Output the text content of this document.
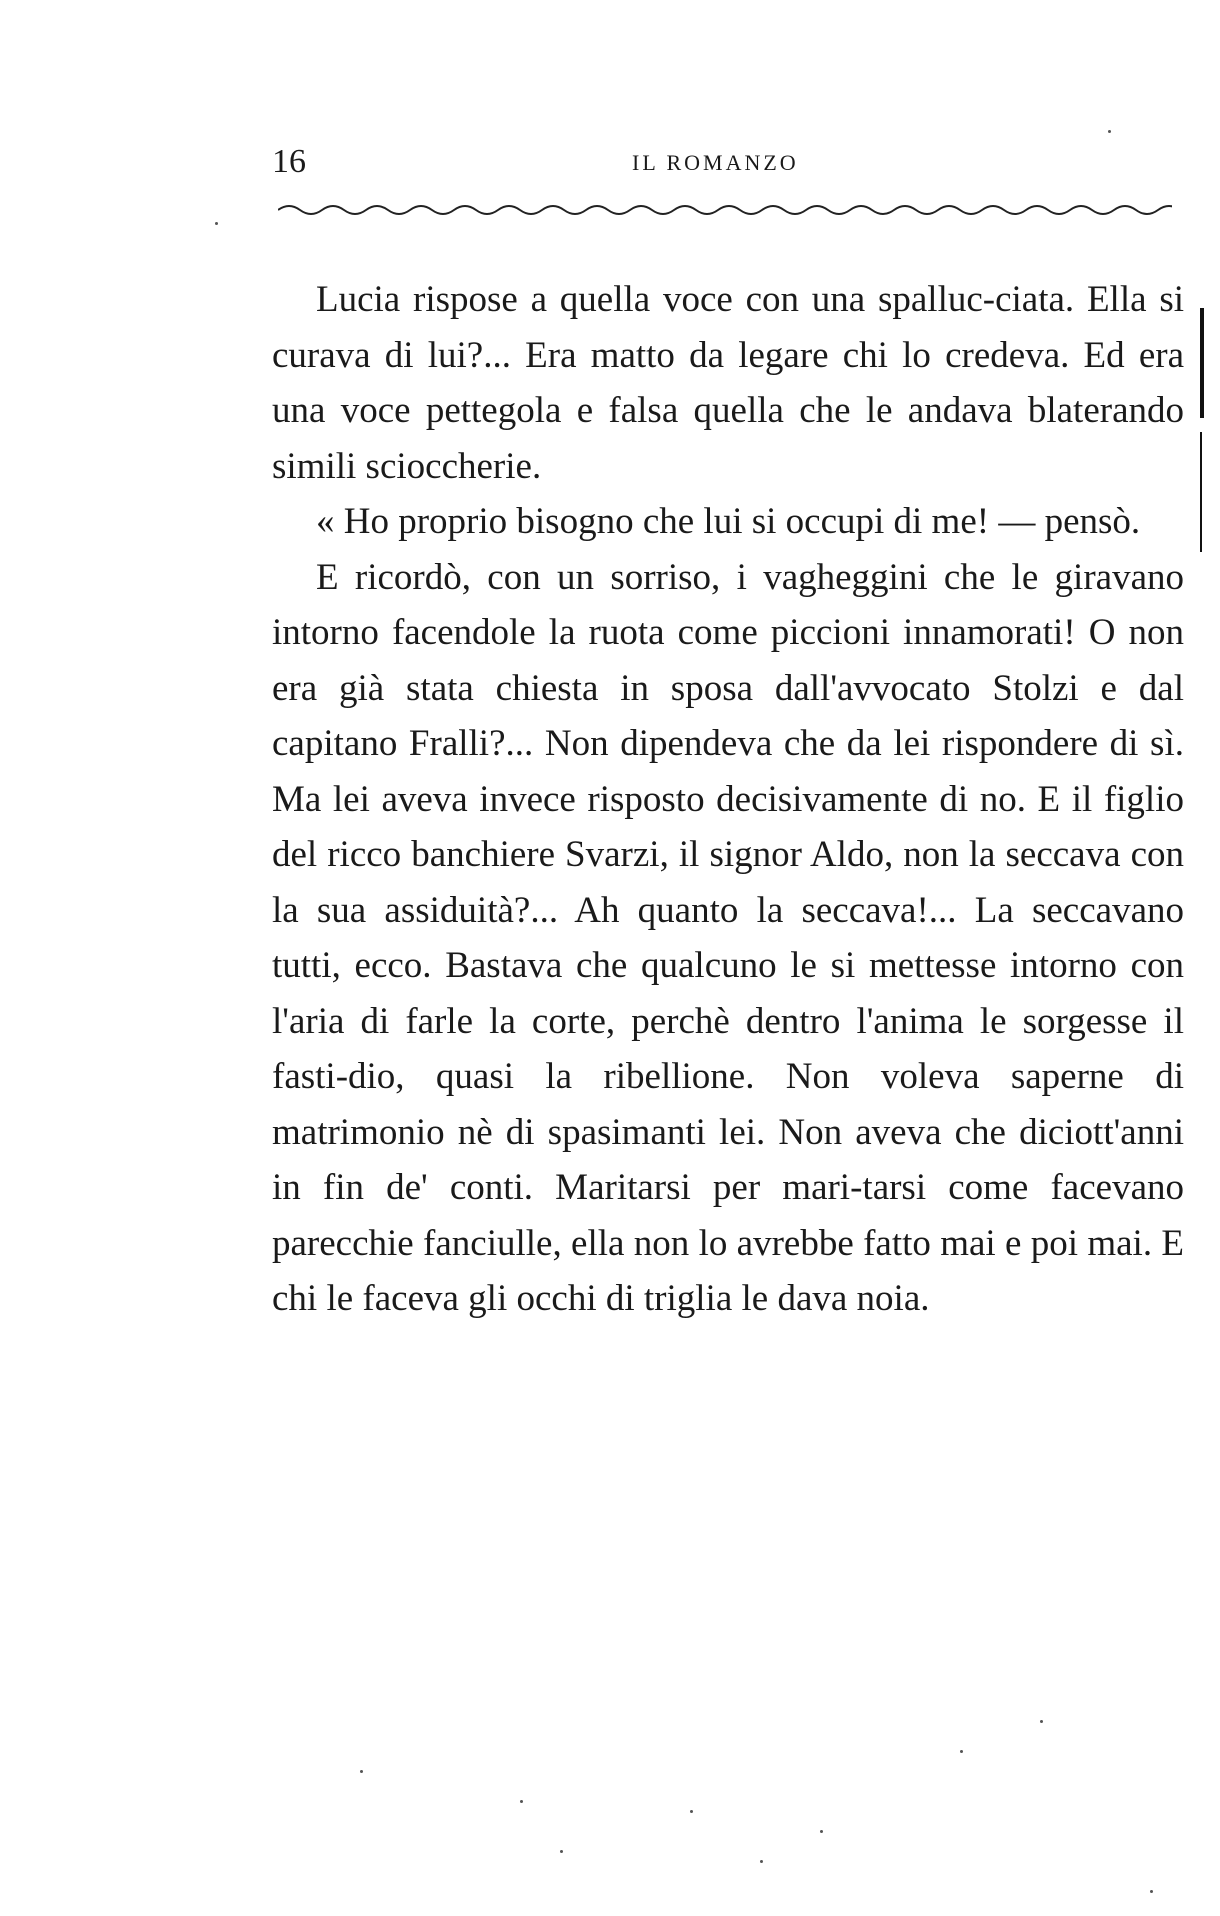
16	IL ROMANZO

Lucia rispose a quella voce con una spalluc-ciata. Ella si curava di lui?... Era matto da legare chi lo credeva. Ed era una voce pettegola e falsa quella che le andava blaterando simili scioccherie.

« Ho proprio bisogno che lui si occupi di me! — pensò.

E ricordò, con un sorriso, i vagheggini che le giravano intorno facendole la ruota come piccioni innamorati! O non era già stata chiesta in sposa dall'avvocato Stolzi e dal capitano Fralli?... Non dipendeva che da lei rispondere di sì. Ma lei aveva invece risposto decisivamente di no. E il figlio del ricco banchiere Svarzi, il signor Aldo, non la seccava con la sua assiduità?... Ah quanto la seccava!... La seccavano tutti, ecco. Bastava che qualcuno le si mettesse intorno con l'aria di farle la corte, perchè dentro l'anima le sorgesse il fasti-dio, quasi la ribellione. Non voleva saperne di matrimonio nè di spasimanti lei. Non aveva che diciott'anni in fin de' conti. Maritarsi per mari-tarsi come facevano parecchie fanciulle, ella non lo avrebbe fatto mai e poi mai. E chi le faceva gli occhi di triglia le dava noia.
